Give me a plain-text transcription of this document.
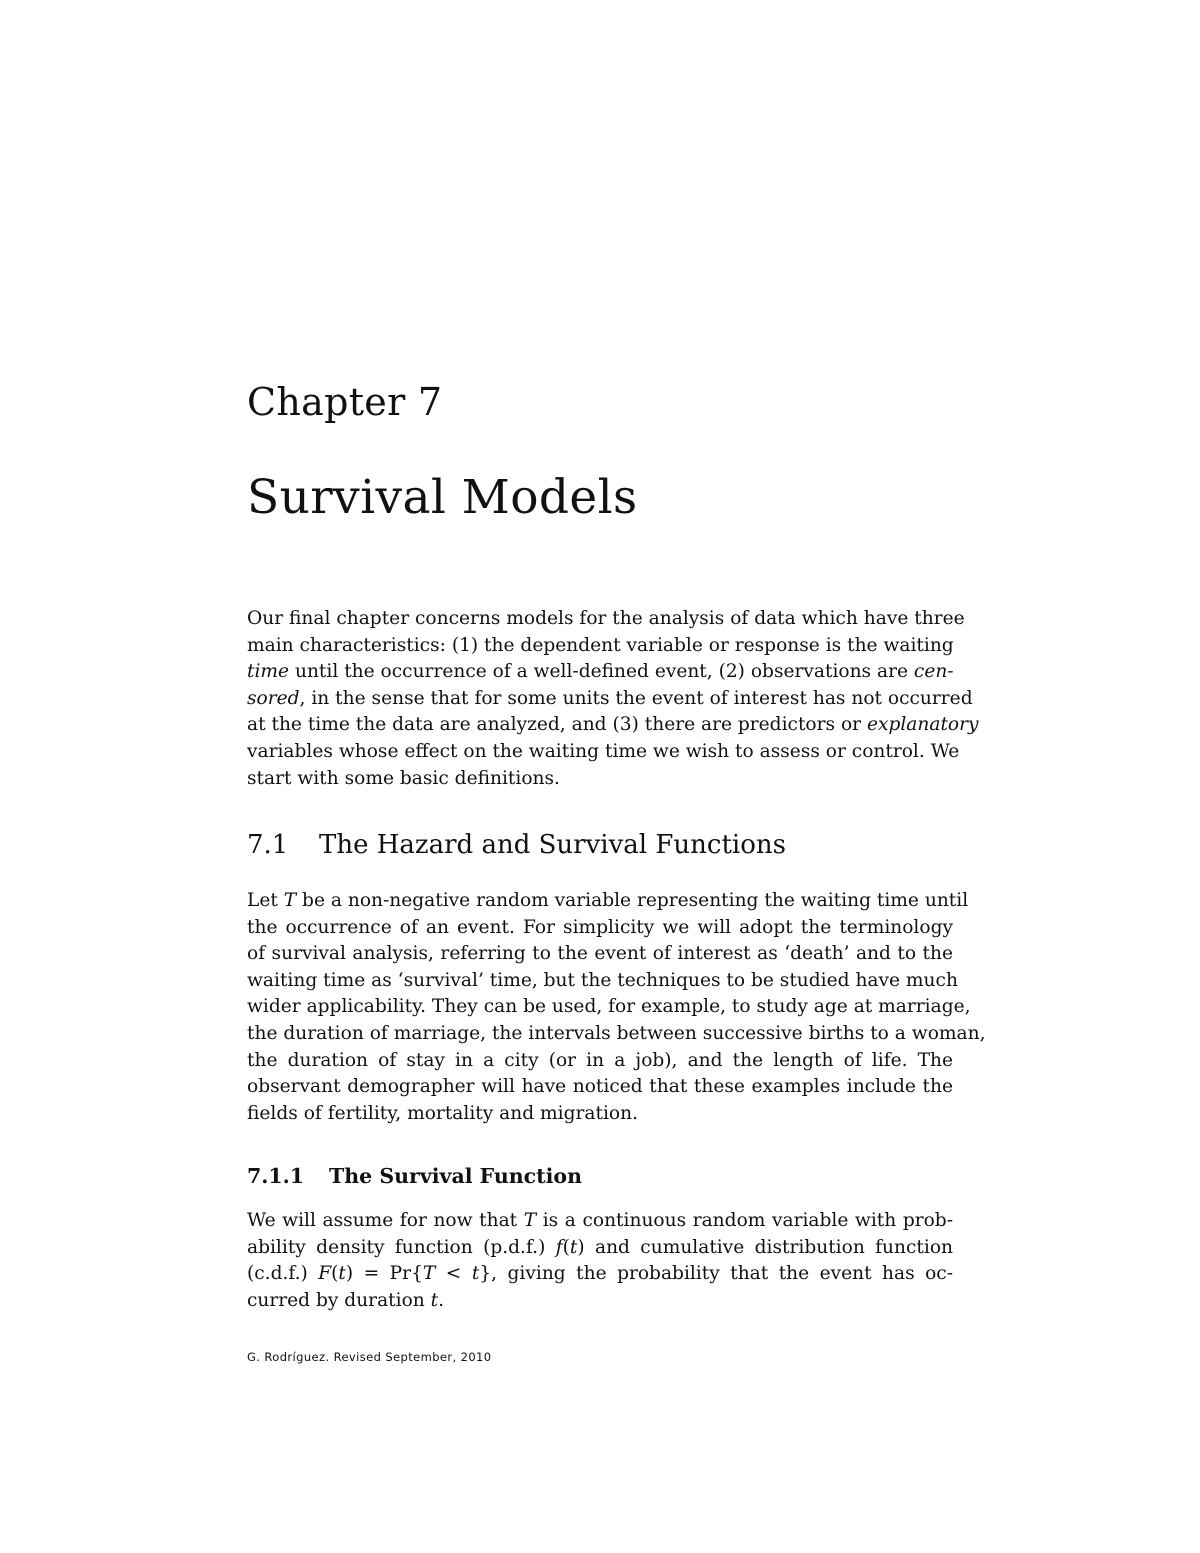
Chapter 7
Survival Models

Our final chapter concerns models for the analysis of data which have three
main characteristics: (1) the dependent variable or response is the waiting
time until the occurrence of a well-defined event, (2) observations are cen-
sored, in the sense that for some units the event of interest has not occurred
at the time the data are analyzed, and (3) there are predictors or explanatory
variables whose effect on the waiting time we wish to assess or control. We
start with some basic definitions.

7.1 The Hazard and Survival Functions

Let T be a non-negative random variable representing the waiting time until
the occurrence of an event. For simplicity we will adopt the terminology
of survival analysis, referring to the event of interest as ‘death’ and to the
waiting time as ‘survival’ time, but the techniques to be studied have much
wider applicability. They can be used, for example, to study age at marriage,
the duration of marriage, the intervals between successive births to a woman,
the duration of stay in a city (or in a job), and the length of life. The
observant demographer will have noticed that these examples include the
fields of fertility, mortality and migration.

7.1.1 The Survival Function

We will assume for now that T is a continuous random variable with prob-
ability density function (p.d.f.) f(t) and cumulative distribution function
(c.d.f.) F(t) = Pr{T < t}, giving the probability that the event has oc-
curred by duration t.

G. Rodríguez. Revised September, 2010
